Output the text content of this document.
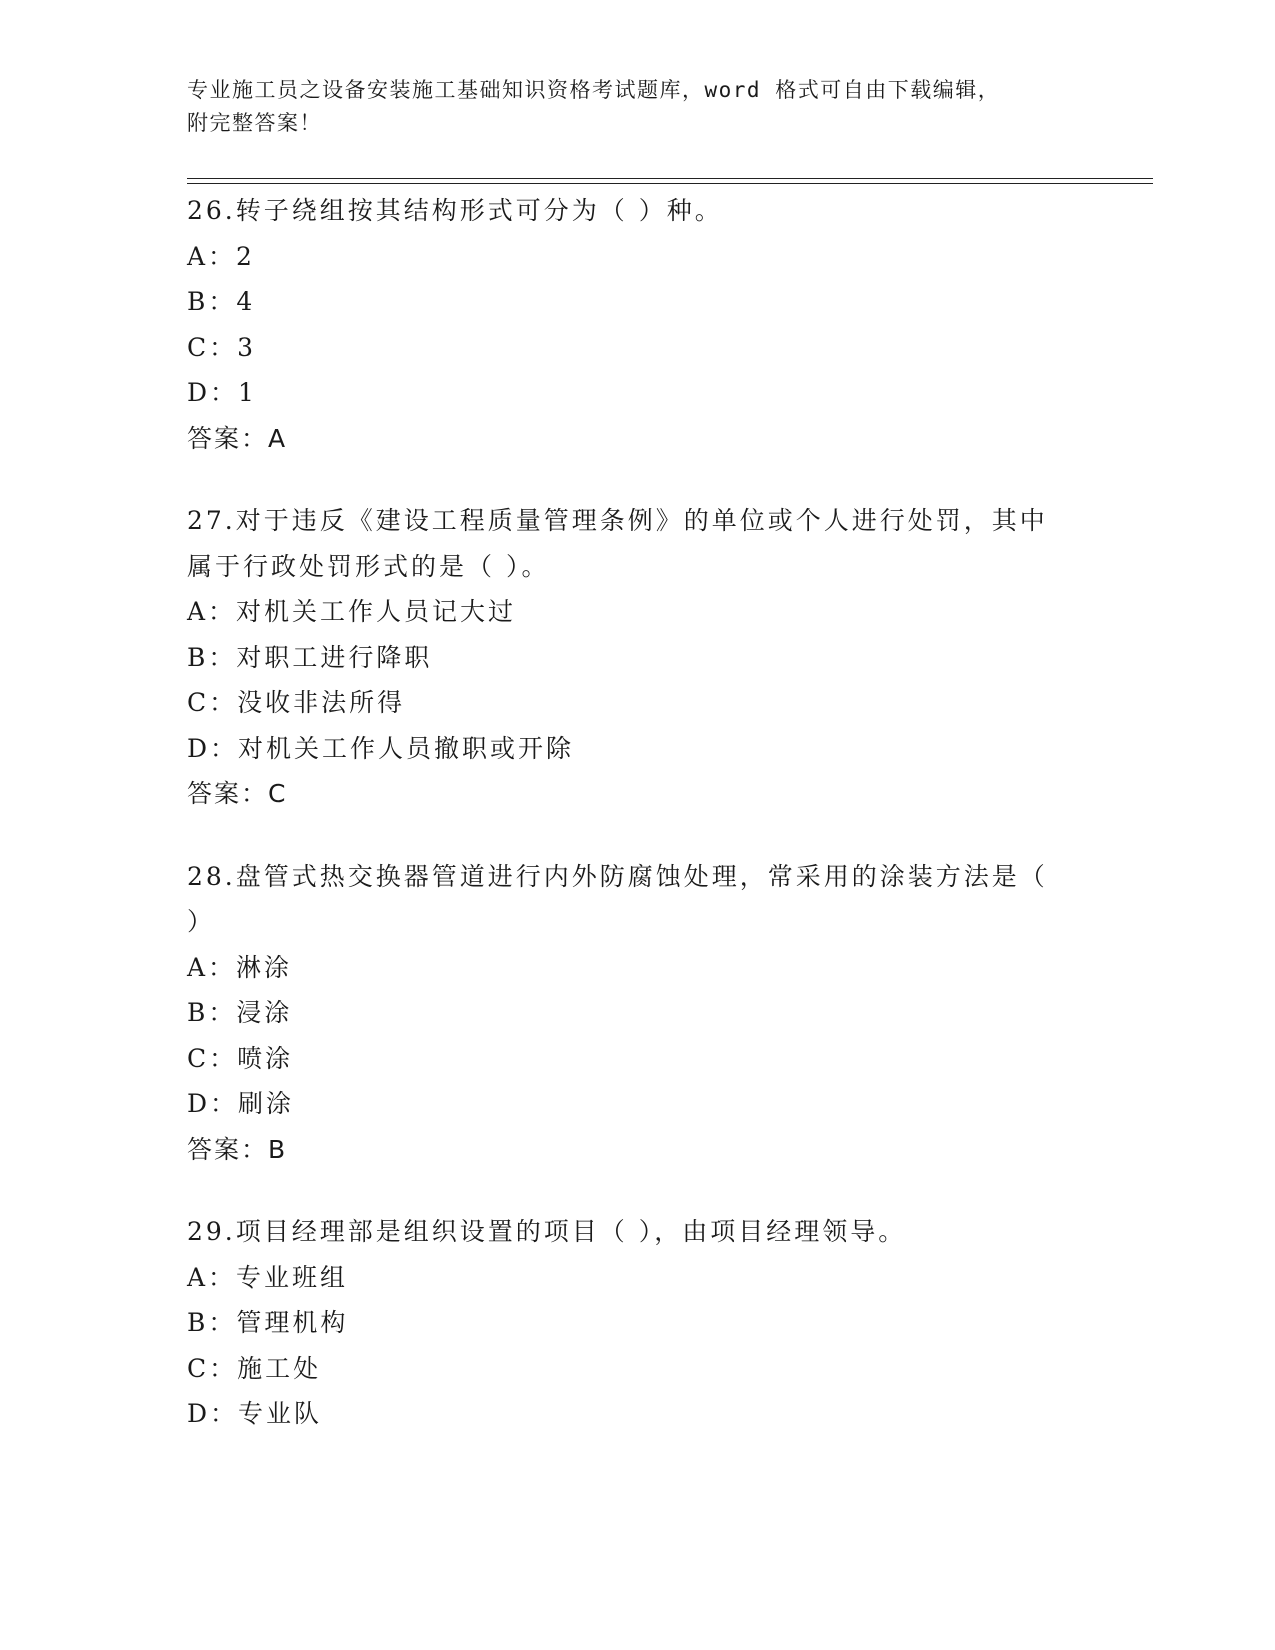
专业施工员之设备安装施工基础知识资格考试题库，word 格式可自由下载编辑，
附完整答案！
26.转子绕组按其结构形式可分为（ ）种。
A：2
B：4
C：3
D：1
答案：A
27.对于违反《建设工程质量管理条例》的单位或个人进行处罚，其中
属于行政处罚形式的是（ ）。
A：对机关工作人员记大过
B：对职工进行降职
C：没收非法所得
D：对机关工作人员撤职或开除
答案：C
28.盘管式热交换器管道进行内外防腐蚀处理，常采用的涂装方法是（
）
A：淋涂
B：浸涂
C：喷涂
D：刷涂
答案：B
29.项目经理部是组织设置的项目（ ），由项目经理领导。
A：专业班组
B：管理机构
C：施工处
D：专业队
